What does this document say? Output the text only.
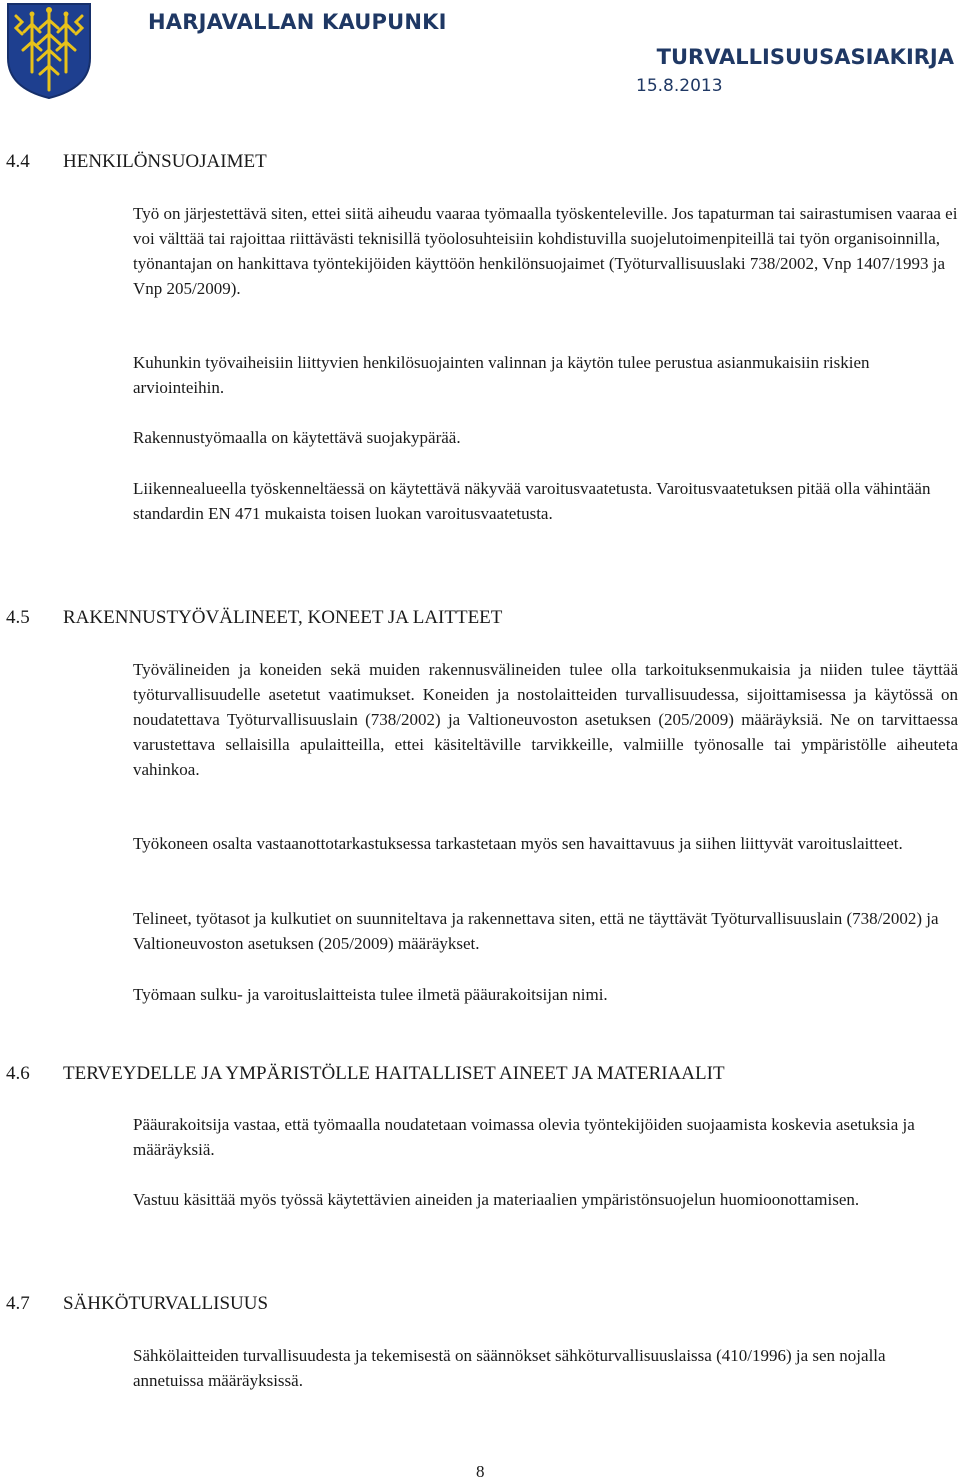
HARJAVALLAN KAUPUNKI
TURVALLISUUSASIAKIRJA
15.8.2013
4.4 HENKILÖNSUOJAIMET

Työ on järjestettävä siten, ettei siitä aiheudu vaaraa työmaalla työskenteleville. Jos tapaturman tai sairastumisen vaaraa ei voi välttää tai rajoittaa riittävästi teknisillä työolosuhteisiin kohdistuvilla suojelutoimenpiteillä tai työn organisoinnilla, työnantajan on hankittava työntekijöiden käyttöön henkilönsuojaimet (Työturvallisuuslaki 738/2002, Vnp 1407/1993 ja Vnp 205/2009).

Kuhunkin työvaiheisiin liittyvien henkilösuojainten valinnan ja käytön tulee perustua asianmukaisiin riskien arviointeihin.

Rakennustyömaalla on käytettävä suojakypärää.

Liikennealueella työskenneltäessä on käytettävä näkyvää varoitusvaatetusta. Varoitusvaatetuksen pitää olla vähintään standardin EN 471 mukaista toisen luokan varoitusvaatetusta.

4.5 RAKENNUSTYÖVÄLINEET, KONEET JA LAITTEET

Työvälineiden ja koneiden sekä muiden rakennusvälineiden tulee olla tarkoituksenmukaisia ja niiden tulee täyttää työturvallisuudelle asetetut vaatimukset. Koneiden ja nostolaitteiden turvallisuudessa, sijoittamisessa ja käytössä on noudatettava Työturvallisuuslain (738/2002) ja Valtioneuvoston asetuksen (205/2009) määräyksiä. Ne on tarvittaessa varustettava sellaisilla apulaitteilla, ettei käsiteltäville tarvikkeille, valmiille työnosalle tai ympäristölle aiheuteta vahinkoa.

Työkoneen osalta vastaanottotarkastuksessa tarkastetaan myös sen havaittavuus ja siihen liittyvät varoituslaitteet.

Telineet, työtasot ja kulkutiet on suunniteltava ja rakennettava siten, että ne täyttävät Työturvallisuuslain (738/2002) ja Valtioneuvoston asetuksen (205/2009) määräykset.

Työmaan sulku- ja varoituslaitteista tulee ilmetä pääurakoitsijan nimi.

4.6 TERVEYDELLE JA YMPÄRISTÖLLE HAITALLISET AINEET JA MATERIAALIT

Pääurakoitsija vastaa, että työmaalla noudatetaan voimassa olevia työntekijöiden suojaamista koskevia asetuksia ja määräyksiä.

Vastuu käsittää myös työssä käytettävien aineiden ja materiaalien ympäristönsuojelun huomioonottamisen.

4.7 SÄHKÖTURVALLISUUS

Sähkölaitteiden turvallisuudesta ja tekemisestä on säännökset sähköturvallisuuslaissa (410/1996) ja sen nojalla annetuissa määräyksissä.

8
